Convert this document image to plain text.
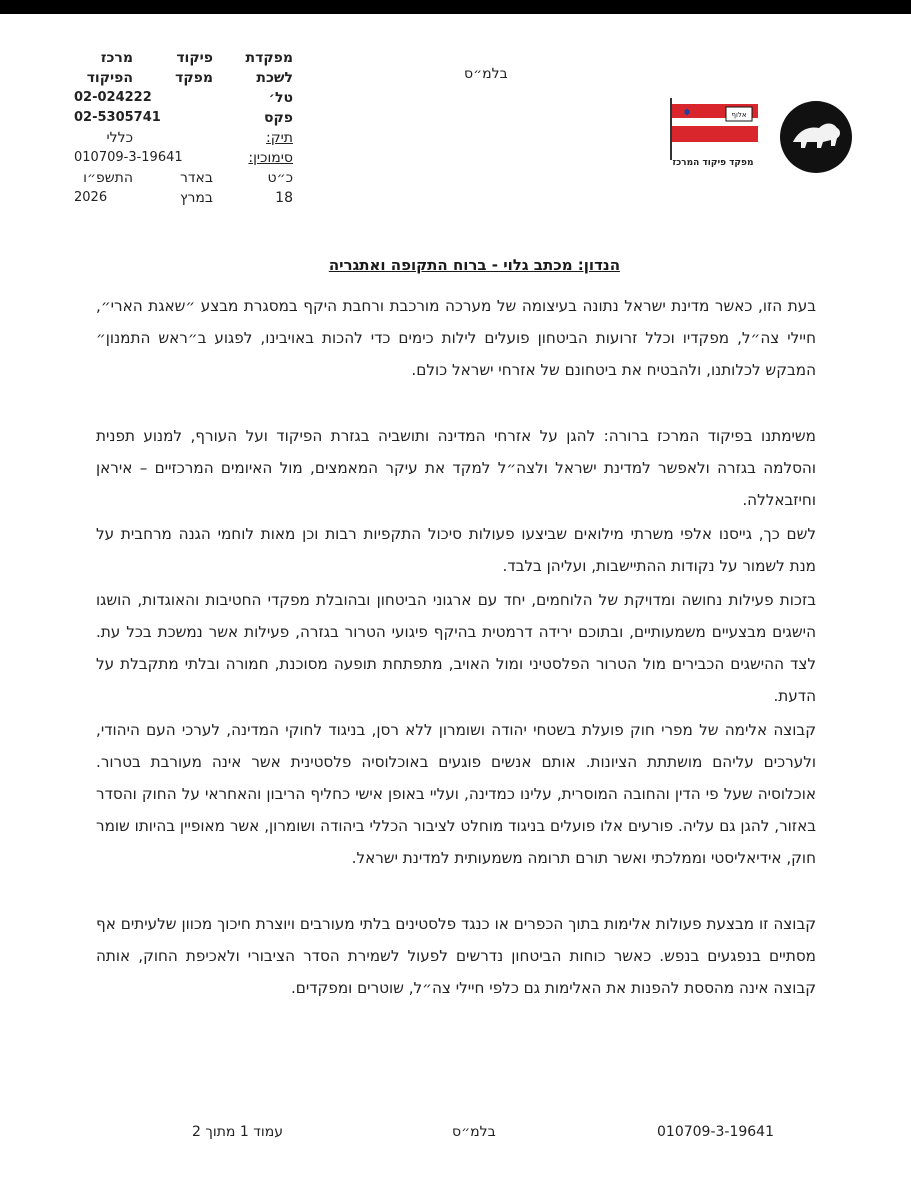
מפקדת
לשכת
טל׳
פקס
תיק:
סימוכין:
כ״ט
18
פיקוד
מפקד
באדר
במרץ
מרכז
הפיקוד
02-024222
02-5305741
כללי
010709-3-19641
התשפ״ו
2026
בלמ״ס
אלוף
מפקד פיקוד המרכז
הנדון: מכתב גלוי - ברוח התקופה ואתגריה
בעת הזו, כאשר מדינת ישראל נתונה בעיצומה של מערכה מורכבת ורחבת היקף במסגרת מבצע ״שאגת הארי״, חיילי צה״ל, מפקדיו וכלל זרועות הביטחון פועלים לילות כימים כדי להכות באויבינו, לפגוע ב״ראש התמנון״ המבקש לכלותנו, ולהבטיח את ביטחונם של אזרחי ישראל כולם.
משימתנו בפיקוד המרכז ברורה: להגן על אזרחי המדינה ותושביה בגזרת הפיקוד ועל העורף, למנוע תפנית והסלמה בגזרה ולאפשר למדינת ישראל ולצה״ל למקד את עיקר המאמצים, מול האיומים המרכזיים – איראן וחיזבאללה.
לשם כך, גייסנו אלפי משרתי מילואים שביצעו פעולות סיכול התקפיות רבות וכן מאות לוחמי הגנה מרחבית על מנת לשמור על נקודות ההתיישבות, ועליהן בלבד.
בזכות פעילות נחושה ומדויקת של הלוחמים, יחד עם ארגוני הביטחון ובהובלת מפקדי החטיבות והאוגדות, הושגו הישגים מבצעיים משמעותיים, ובתוכם ירידה דרמטית בהיקף פיגועי הטרור בגזרה, פעילות אשר נמשכת בכל עת. לצד ההישגים הכבירים מול הטרור הפלסטיני ומול האויב, מתפתחת תופעה מסוכנת, חמורה ובלתי מתקבלת על הדעת.
קבוצה אלימה של מפרי חוק פועלת בשטחי יהודה ושומרון ללא רסן, בניגוד לחוקי המדינה, לערכי העם היהודי, ולערכים עליהם מושתתת הציונות. אותם אנשים פוגעים באוכלוסיה פלסטינית אשר אינה מעורבת בטרור. אוכלוסיה שעל פי הדין והחובה המוסרית, עלינו כמדינה, ועליי באופן אישי כחליף הריבון והאחראי על החוק והסדר באזור, להגן גם עליה. פורעים אלו פועלים בניגוד מוחלט לציבור הכללי ביהודה ושומרון, אשר מאופיין בהיותו שומר חוק, אידיאליסטי וממלכתי ואשר תורם תרומה משמעותית למדינת ישראל.
קבוצה זו מבצעת פעולות אלימות בתוך הכפרים או כנגד פלסטינים בלתי מעורבים ויוצרת חיכוך מכוון שלעיתים אף מסתיים בנפגעים בנפש. כאשר כוחות הביטחון נדרשים לפעול לשמירת הסדר הציבורי ולאכיפת החוק, אותה קבוצה אינה מהססת להפנות את האלימות גם כלפי חיילי צה״ל, שוטרים ומפקדים.
עמוד 1 מתוך 2	בלמ״ס	010709-3-19641
